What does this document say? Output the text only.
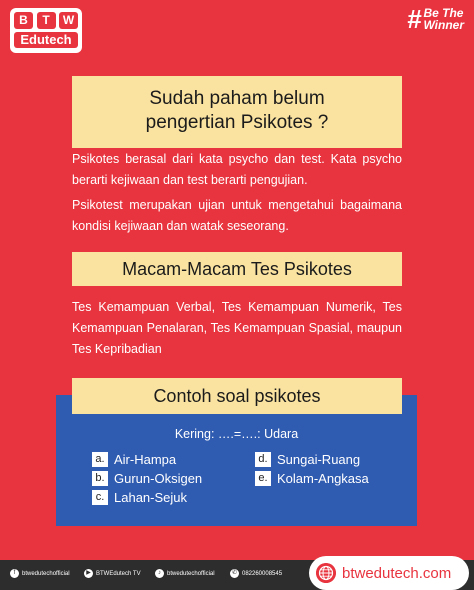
B	T	W
Edutech
# Be The
Winner
Sudah paham belum
pengertian Psikotes ?

Psikotes berasal dari kata psycho dan test. Kata psycho berarti kejiwaan dan test berarti pengujian.

Psikotest merupakan ujian untuk mengetahui bagaimana kondisi kejiwaan dan watak seseorang.

Macam-Macam Tes Psikotes

Tes Kemampuan Verbal, Tes Kemampuan Numerik, Tes Kemampuan Penalaran, Tes Kemampuan Spasial, maupun Tes Kepribadian

Kering: ….=….: Udara
a. Air-Hampa
b. Gurun-Oksigen
c. Lahan-Sejuk
d. Sungai-Ruang
e. Kolam-Angkasa
Contoh soal psikotes
f	btwedutechofficial	▶ BTWEdutech TV	♪	btwedutechofficial	✆ 082260008545	btwedutech.com
